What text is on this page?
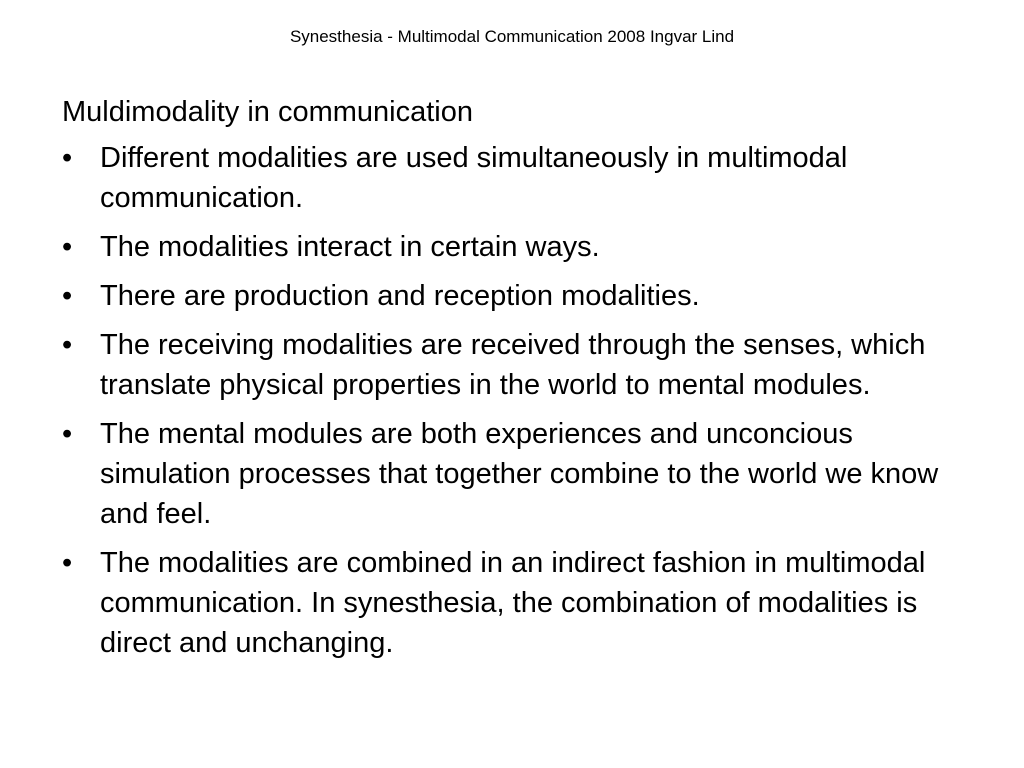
Synesthesia - Multimodal Communication 2008 Ingvar Lind
Muldimodality in communication
• Different modalities are used simultaneously in multimodal communication.
• The modalities interact in certain ways.
• There are production and reception modalities.
• The receiving modalities are received through the senses, which translate physical properties in the world to mental modules.
• The mental modules are both experiences and unconcious simulation processes that together combine to the world we know and feel.
• The modalities are combined in an indirect fashion in multimodal communication. In synesthesia, the combination of modalities is direct and unchanging.
